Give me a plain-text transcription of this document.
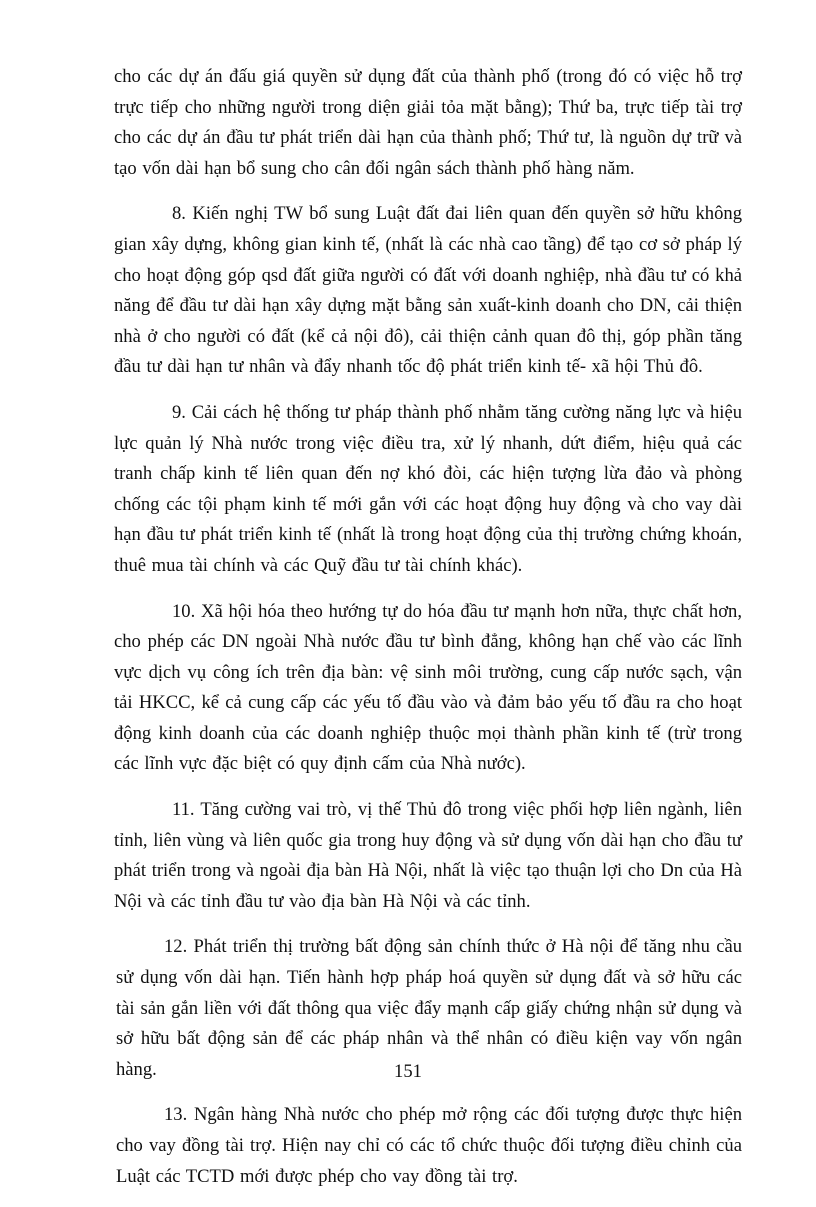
cho các dự án đấu giá quyền sử dụng đất của thành phố (trong đó có việc hỗ trợ trực tiếp cho những người trong diện giải tỏa mặt bằng); Thứ ba, trực tiếp tài trợ cho các dự án đầu tư phát triển dài hạn của thành phố; Thứ tư, là nguồn dự trữ và tạo vốn dài hạn bổ sung cho cân đối ngân sách thành phố hàng năm.

8. Kiến nghị TW bổ sung Luật đất đai liên quan đến quyền sở hữu không gian xây dựng, không gian kinh tế, (nhất là các nhà cao tầng) để tạo cơ sở pháp lý cho hoạt động góp qsd đất giữa người có đất với doanh nghiệp, nhà đầu tư có khả năng để đầu tư dài hạn xây dựng mặt bằng sản xuất-kinh doanh cho DN, cải thiện nhà ở cho người có đất (kể cả nội đô), cải thiện cảnh quan đô thị, góp phần tăng đầu tư dài hạn tư nhân và đẩy nhanh tốc độ phát triển kinh tế- xã hội Thủ đô.

9. Cải cách hệ thống tư pháp thành phố nhằm tăng cường năng lực và hiệu lực quản lý Nhà nước trong việc điều tra, xử lý nhanh, dứt điểm, hiệu quả các tranh chấp kinh tế liên quan đến nợ khó đòi, các hiện tượng lừa đảo và phòng chống các tội phạm kinh tế mới gắn với các hoạt động huy động và cho vay dài hạn đầu tư phát triển kinh tế (nhất là trong hoạt động của thị trường chứng khoán, thuê mua tài chính và các Quỹ đầu tư tài chính khác).

10. Xã hội hóa theo hướng tự do hóa đầu tư mạnh hơn nữa, thực chất hơn, cho phép các DN ngoài Nhà nước đầu tư bình đẳng, không hạn chế vào các lĩnh vực dịch vụ công ích trên địa bàn: vệ sinh môi trường, cung cấp nước sạch, vận tải HKCC, kể cả cung cấp các yếu tố đầu vào và đảm bảo yếu tố đầu ra cho hoạt động kinh doanh của các doanh nghiệp thuộc mọi thành phần kinh tế (trừ trong các lĩnh vực đặc biệt có quy định cấm của Nhà nước).

11. Tăng cường vai trò, vị thế Thủ đô trong việc phối hợp liên ngành, liên tỉnh, liên vùng và liên quốc gia trong huy động và sử dụng vốn dài hạn cho đầu tư phát triển trong và ngoài địa bàn Hà Nội, nhất là việc tạo thuận lợi cho Dn của Hà Nội và các tỉnh đầu tư vào địa bàn Hà Nội và các tỉnh.

12. Phát triển thị trường bất động sản chính thức ở Hà nội để tăng nhu cầu sử dụng vốn dài hạn. Tiến hành hợp pháp hoá quyền sử dụng đất và sở hữu các tài sản gắn liền với đất thông qua việc đẩy mạnh cấp giấy chứng nhận sử dụng và sở hữu bất động sản để các pháp nhân và thể nhân có điều kiện vay vốn ngân hàng.

13. Ngân hàng Nhà nước cho phép mở rộng các đối tượng được thực hiện cho vay đồng tài trợ. Hiện nay chỉ có các tổ chức thuộc đối tượng điều chỉnh của Luật các TCTD mới được phép cho vay đồng tài trợ.

151
